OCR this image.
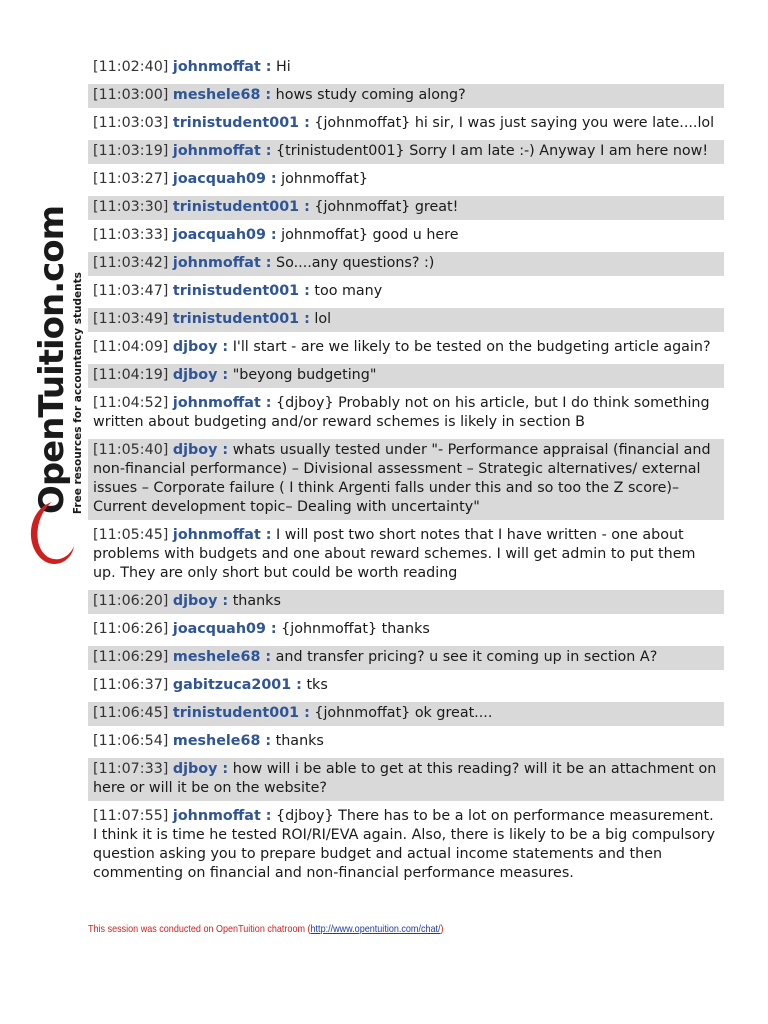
OpenTuition.com Free resources for accountancy students
[11:02:40] johnmoffat : Hi
[11:03:00] meshele68 : hows study coming along?
[11:03:03] trinistudent001 : {johnmoffat} hi sir, I was just saying you were late....lol
[11:03:19] johnmoffat : {trinistudent001} Sorry I am late :-) Anyway I am here now!
[11:03:27] joacquah09 : johnmoffat}
[11:03:30] trinistudent001 : {johnmoffat} great!
[11:03:33] joacquah09 : johnmoffat} good u here
[11:03:42] johnmoffat : So....any questions? :)
[11:03:47] trinistudent001 : too many
[11:03:49] trinistudent001 : lol
[11:04:09] djboy : I'll start - are we likely to be tested on the budgeting article again?
[11:04:19] djboy : "beyong budgeting"
[11:04:52] johnmoffat : {djboy} Probably not on his article, but I do think something written about budgeting and/or reward schemes is likely in section B
[11:05:40] djboy : whats usually tested under "- Performance appraisal (financial and non-financial performance) – Divisional assessment – Strategic alternatives/ external issues – Corporate failure ( I think Argenti falls under this and so too the Z score)– Current development topic– Dealing with uncertainty"
[11:05:45] johnmoffat : I will post two short notes that I have written - one about problems with budgets and one about reward schemes. I will get admin to put them up. They are only short but could be worth reading
[11:06:20] djboy : thanks
[11:06:26] joacquah09 : {johnmoffat} thanks
[11:06:29] meshele68 : and transfer pricing? u see it coming up in section A?
[11:06:37] gabitzuca2001 : tks
[11:06:45] trinistudent001 : {johnmoffat} ok great....
[11:06:54] meshele68 : thanks
[11:07:33] djboy : how will i be able to get at this reading? will it be an attachment on here or will it be on the website?
[11:07:55] johnmoffat : {djboy} There has to be a lot on performance measurement. I think it is time he tested ROI/RI/EVA again. Also, there is likely to be a big compulsory question asking you to prepare budget and actual income statements and then commenting on financial and non-financial performance measures.
This session was conducted on OpenTuition chatroom (http://www.opentuition.com/chat/)
